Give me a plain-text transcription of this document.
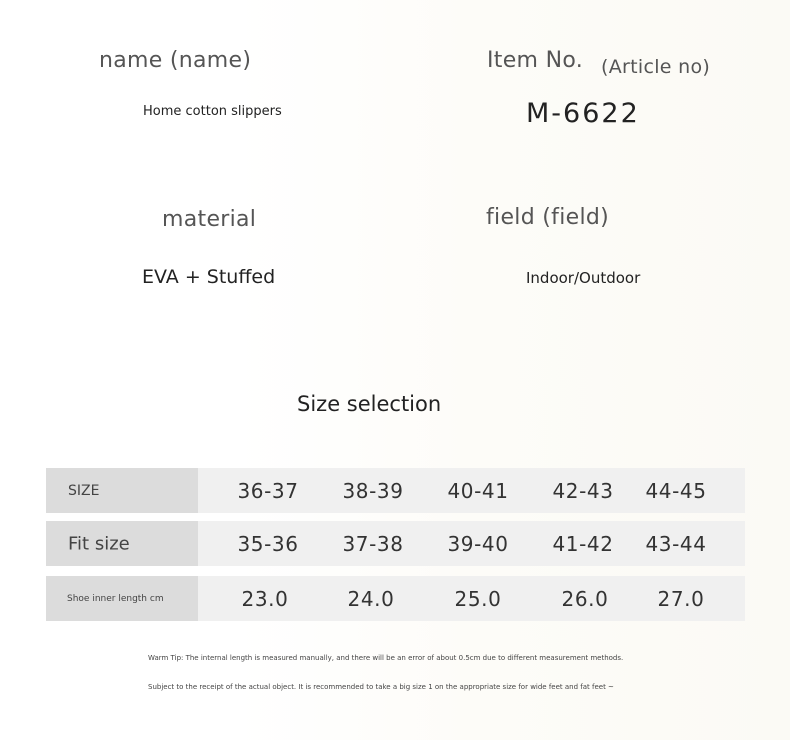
name (name)
Home cotton slippers
Item No. (Article no)
M-6622
material
EVA + Stuffed
field (field)
Indoor/Outdoor
Size selection
SIZE	36-37 38-39 40-41 42-43 44-45
Fit size	35-36 37-38 39-40 41-42 43-44
Shoe inner length cm	23.0	24.0	25.0	26.0 27.0
Warm Tip: The internal length is measured manually, and there will be an error of about 0.5cm due to different measurement methods.
Subject to the receipt of the actual object. It is recommended to take a big size 1 on the appropriate size for wide feet and fat feet ~
